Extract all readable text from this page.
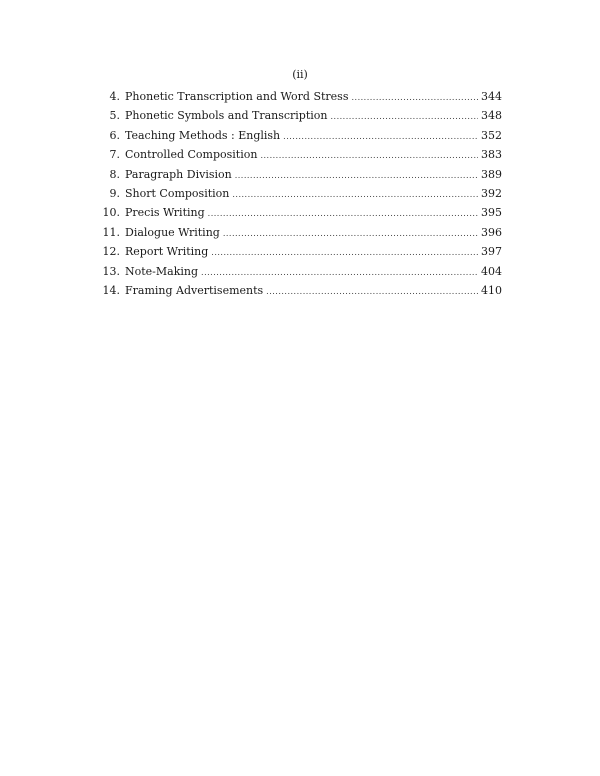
(ii)
4. Phonetic Transcription and Word Stress .....	344
5. Phonetic Symbols and Transcription .....	348
6. Teaching Methods : English .....	352
7. Controlled Composition .....	383
8. Paragraph Division .....	389
9. Short Composition .....	392
10. Precis Writing .....	395
11. Dialogue Writing .....	396
12. Report Writing .....	397
13. Note-Making .....	404
14. Framing Advertisements .....	410
